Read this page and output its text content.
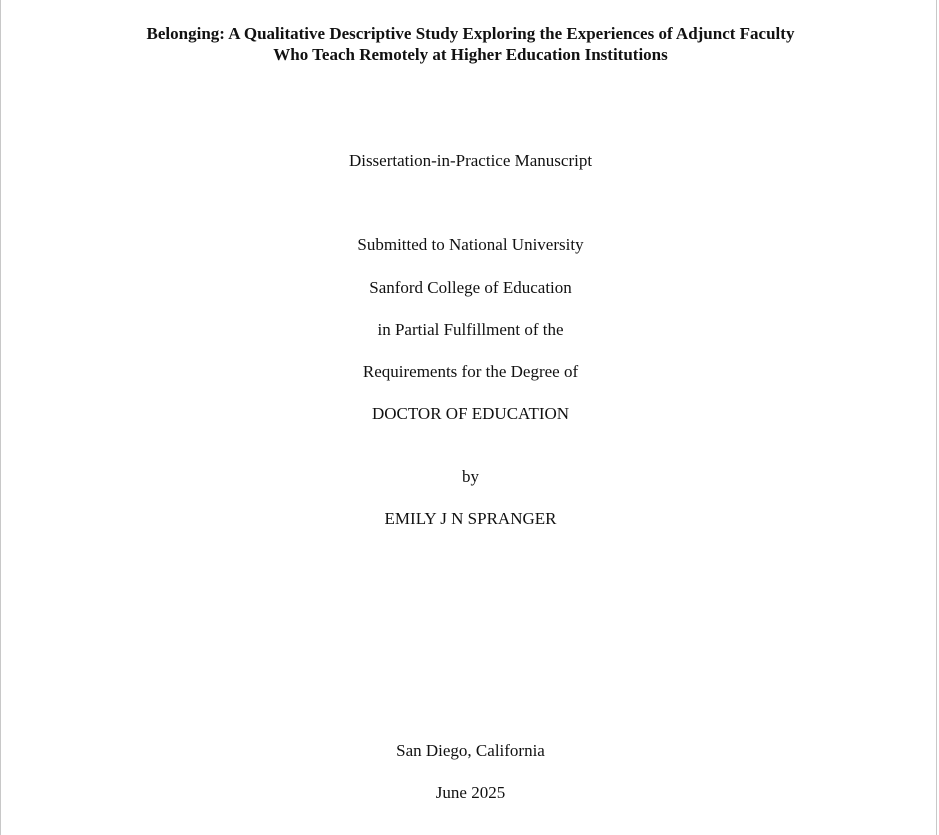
Belonging: A Qualitative Descriptive Study Exploring the Experiences of Adjunct Faculty
Who Teach Remotely at Higher Education Institutions
Dissertation-in-Practice Manuscript
Submitted to National University
Sanford College of Education
in Partial Fulfillment of the
Requirements for the Degree of
DOCTOR OF EDUCATION
by
EMILY J N SPRANGER
San Diego, California
June 2025
